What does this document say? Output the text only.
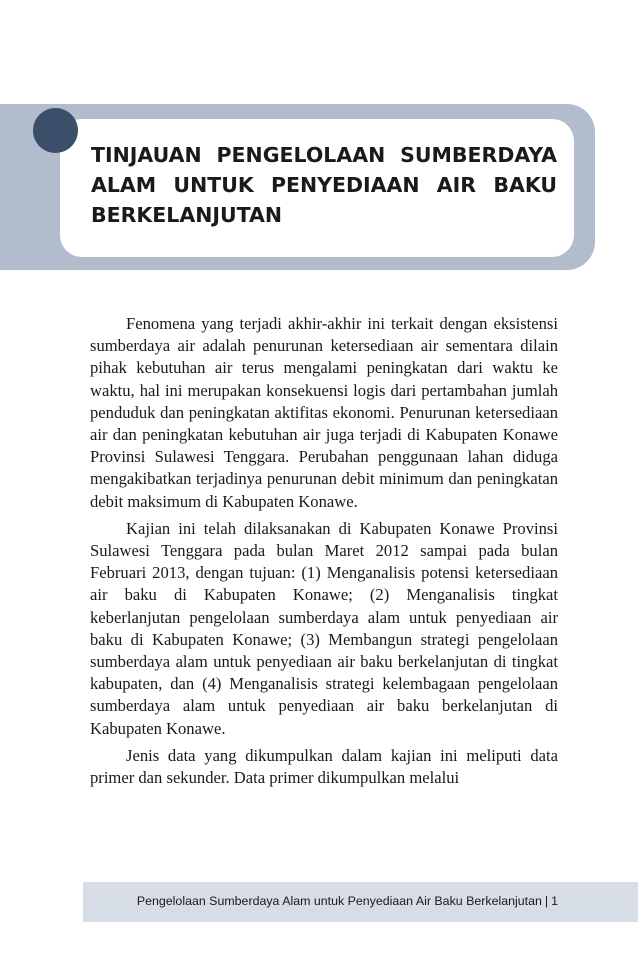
TINJAUAN PENGELOLAAN SUMBERDAYA ALAM UNTUK PENYEDIAAN AIR BAKU BERKELANJUTAN

Fenomena yang terjadi akhir-akhir ini terkait dengan eksistensi sumberdaya air adalah penurunan ketersediaan air sementara dilain pihak kebutuhan air terus mengalami peningkatan dari waktu ke waktu, hal ini merupakan konsekuensi logis dari pertambahan jumlah penduduk dan peningkatan aktifitas ekonomi. Penurunan ketersediaan air dan peningkatan kebutuhan air juga terjadi di Kabupaten Konawe Provinsi Sulawesi Tenggara. Perubahan penggunaan lahan diduga mengakibatkan terjadinya penurunan debit minimum dan peningkatan debit maksimum di Kabupaten Konawe.

Kajian ini telah dilaksanakan di Kabupaten Konawe Provinsi Sulawesi Tenggara pada bulan Maret 2012 sampai pada bulan Februari 2013, dengan tujuan: (1) Menganalisis potensi ketersediaan air baku di Kabupaten Konawe; (2) Menganalisis tingkat keberlanjutan pengelolaan sumberdaya alam untuk penyediaan air baku di Kabupaten Konawe; (3) Membangun strategi pengelolaan sumberdaya alam untuk penyediaan air baku berkelanjutan di tingkat kabupaten, dan (4) Menganalisis strategi kelembagaan pengelolaan sumberdaya alam untuk penyediaan air baku berkelanjutan di Kabupaten Konawe.

Jenis data yang dikumpulkan dalam kajian ini meliputi data primer dan sekunder. Data primer dikumpulkan melalui

Pengelolaan Sumberdaya Alam untuk Penyediaan Air Baku Berkelanjutan | 1
